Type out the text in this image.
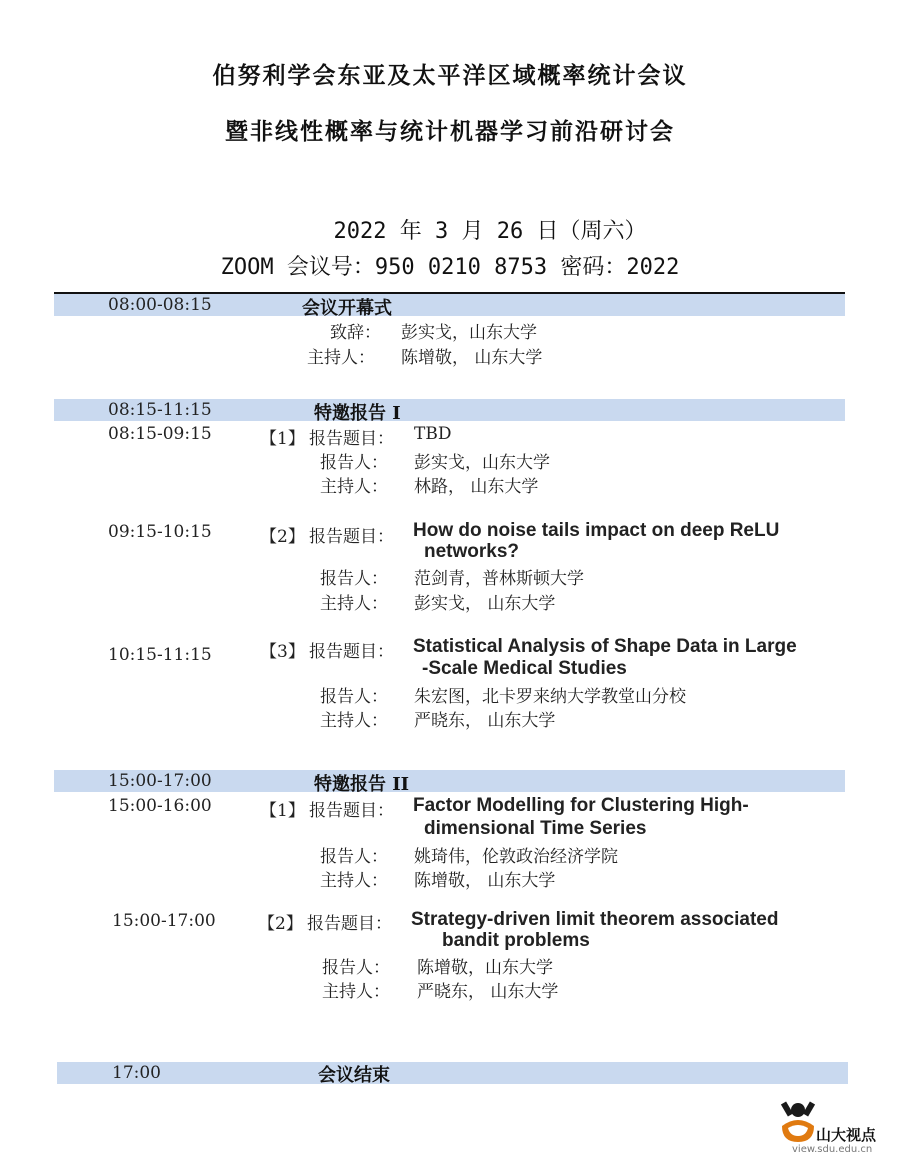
伯努利学会东亚及太平洋区域概率统计会议
暨非线性概率与统计机器学习前沿研讨会
2022 年 3 月 26 日（周六）
ZOOM 会议号：950 0210 8753 密码：2022
08:00-08:15	会议开幕式
致辞： 彭实戈，山东大学
主持人： 陈增敬， 山东大学
08:15-11:15	特邀报告 I
08:15-09:15	【1】 报告题目： TBD
报告人： 彭实戈，山东大学
主持人： 林路， 山东大学
09:15-10:15	【2】 报告题目： How do noise tails impact on deep ReLU
networks?
报告人： 范剑青，普林斯顿大学
主持人： 彭实戈， 山东大学
10:15-11:15	【3】 报告题目： Statistical Analysis of Shape Data in Large
-Scale Medical Studies
报告人： 朱宏图，北卡罗来纳大学教堂山分校
主持人： 严晓东， 山东大学
15:00-17:00	特邀报告 II
15:00-16:00	【1】 报告题目： Factor Modelling for Clustering High-
dimensional Time Series
报告人： 姚琦伟，伦敦政治经济学院
主持人： 陈增敬， 山东大学
15:00-17:00 【2】 报告题目： Strategy-driven limit theorem associated
bandit problems
报告人： 陈增敬，山东大学
主持人： 严晓东， 山东大学
17:00	会议结束
山大视点
view.sdu.edu.cn
